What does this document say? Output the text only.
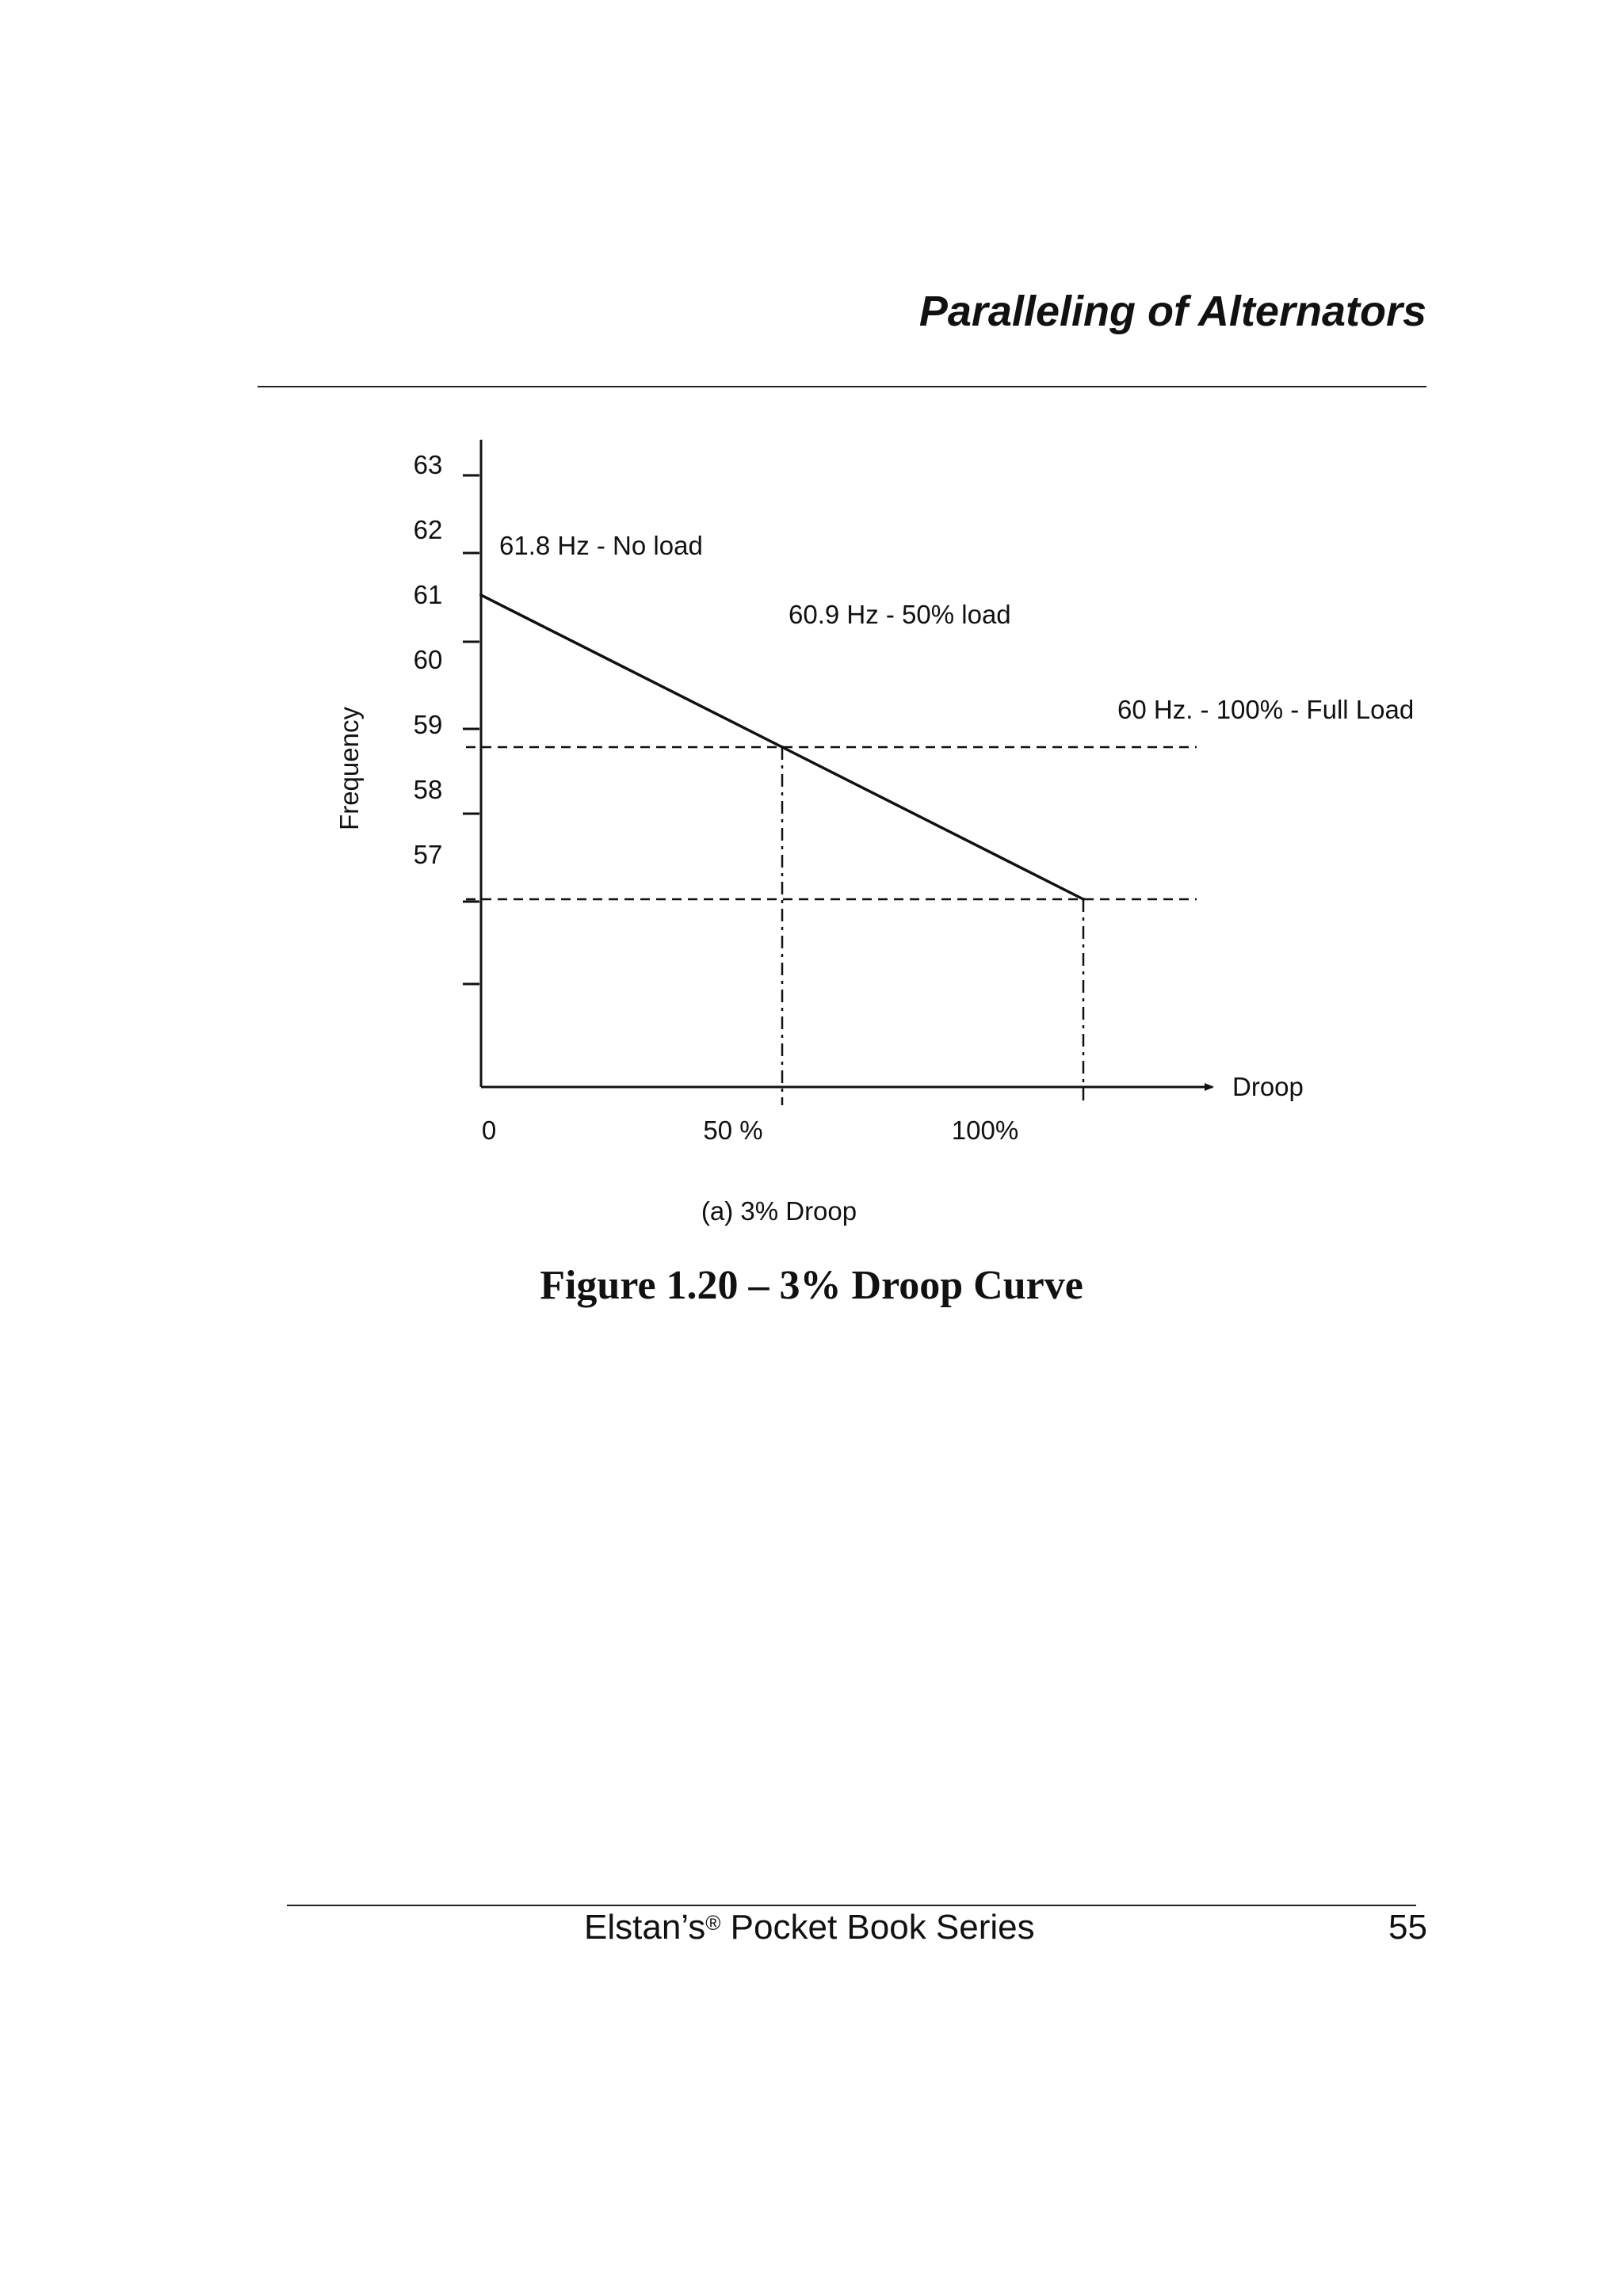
Paralleling of Alternators
63
62
61
60
59
58
57
0	50 %	100%
61.8 Hz - No load
60.9 Hz - 50% load
60 Hz. - 100% - Full Load
Frequency
Droop
(a) 3% Droop
Figure 1.20 – 3% Droop Curve
Elstan’s® Pocket Book Series	55
